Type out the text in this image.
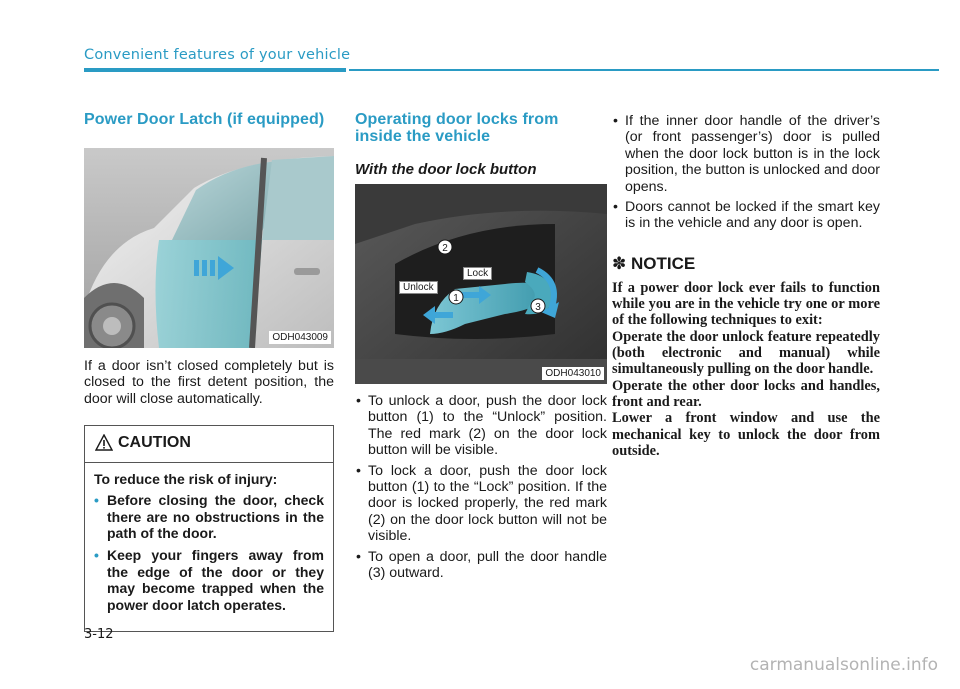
Convenient features of your vehicle
Power Door Latch (if equipped)
ODH043009

If a door isn’t closed completely but is closed to the first detent position, the door will close automatically.

CAUTION
To reduce the risk of injury:
• Before closing the door, check there are no obstructions in the path of the door.
• Keep your fingers away from the edge of the door or they may become trapped when the power door latch operates.
Operating door locks from inside the vehicle
With the door lock button
2
1
3
Unlock
Lock
ODH043010
• To unlock a door, push the door lock button (1) to the “Unlock” position. The red mark (2) on the door lock button will be visible.
• To lock a door, push the door lock button (1) to the “Lock” position. If the door is locked properly, the red mark (2) on the door lock button will not be visible.
• To open a door, pull the door handle (3) outward.
• If the inner door handle of the driver’s (or front passenger’s) door is pulled when the door lock button is in the lock position, the button is unlocked and door opens.
• Doors cannot be locked if the smart key is in the vehicle and any door is open.
✽ NOTICE

If a power door lock ever fails to function while you are in the vehicle try one or more of the following techniques to exit:

Operate the door unlock feature repeatedly (both electronic and manual) while simultaneously pulling on the door handle.

Operate the other door locks and handles, front and rear.

Lower a front window and use the mechanical key to unlock the door from outside.

3-12
carmanualsonline.info
